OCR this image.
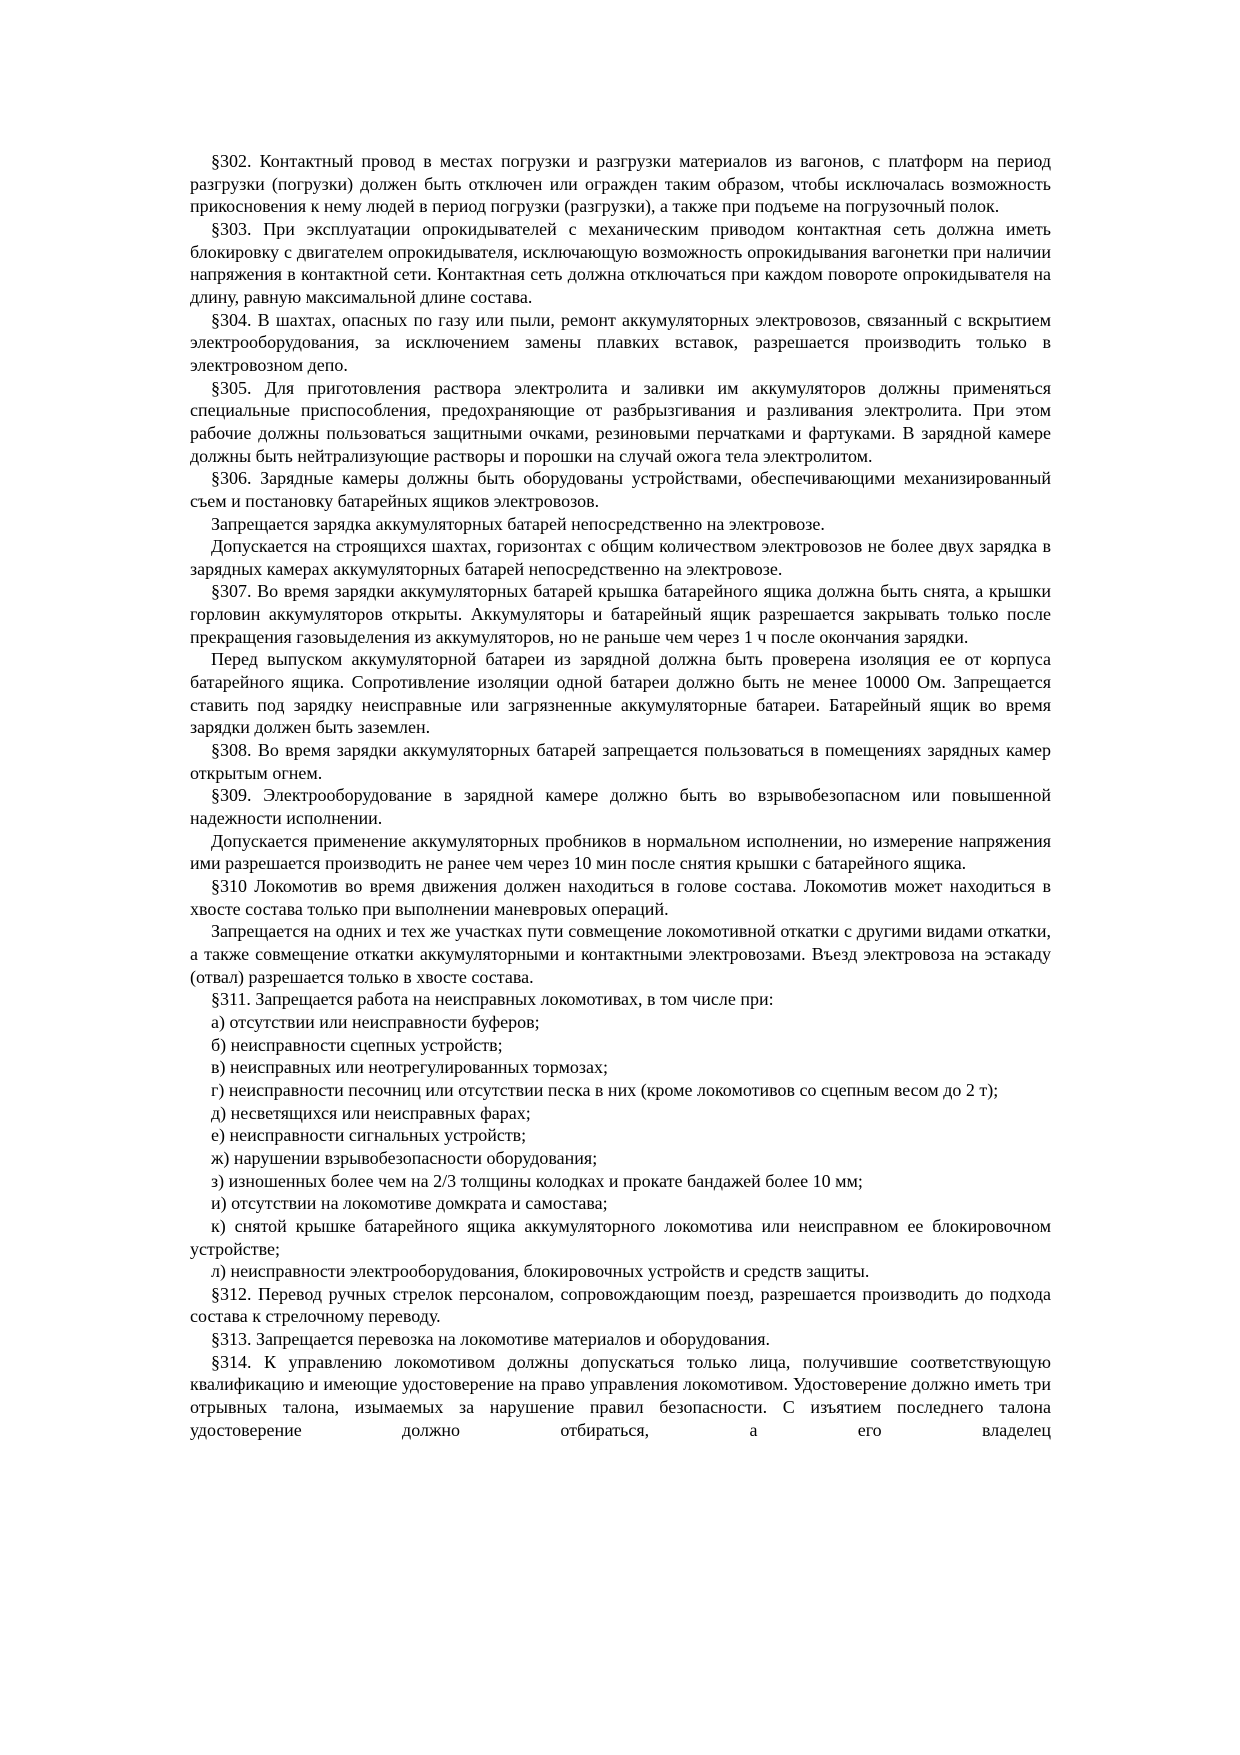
§302. Контактный провод в местах погрузки и разгрузки материалов из вагонов, с платформ на период разгрузки (погрузки) должен быть отключен или огражден таким образом, чтобы исключалась возможность прикосновения к нему людей в период погрузки (разгрузки), а также при подъеме на погрузочный полок.

§303. При эксплуатации опрокидывателей с механическим приводом контактная сеть должна иметь блокировку с двигателем опрокидывателя, исключающую возможность опрокидывания вагонетки при наличии напряжения в контактной сети. Контактная сеть должна отключаться при каждом повороте опрокидывателя на длину, равную максимальной длине состава.

§304. В шахтах, опасных по газу или пыли, ремонт аккумуляторных электровозов, связанный с вскрытием электрооборудования, за исключением замены плавких вставок, разрешается производить только в электровозном депо.

§305. Для приготовления раствора электролита и заливки им аккумуляторов должны применяться специальные приспособления, предохраняющие от разбрызгивания и разливания электролита. При этом рабочие должны пользоваться защитными очками, резиновыми перчатками и фартуками. В зарядной камере должны быть нейтрализующие растворы и порошки на случай ожога тела электролитом.

§306. Зарядные камеры должны быть оборудованы устройствами, обеспечивающими механизированный съем и постановку батарейных ящиков электровозов.

Запрещается зарядка аккумуляторных батарей непосредственно на электровозе.

Допускается на строящихся шахтах, горизонтах с общим количеством электровозов не более двух зарядка в зарядных камерах аккумуляторных батарей непосредственно на электровозе.

§307. Во время зарядки аккумуляторных батарей крышка батарейного ящика должна быть снята, а крышки горловин аккумуляторов открыты. Аккумуляторы и батарейный ящик разрешается закрывать только после прекращения газовыделения из аккумуляторов, но не раньше чем через 1 ч после окончания зарядки.

Перед выпуском аккумуляторной батареи из зарядной должна быть проверена изоляция ее от корпуса батарейного ящика. Сопротивление изоляции одной батареи должно быть не менее 10000 Ом. Запрещается ставить под зарядку неисправные или загрязненные аккумуляторные батареи. Батарейный ящик во время зарядки должен быть заземлен.

§308. Во время зарядки аккумуляторных батарей запрещается пользоваться в помещениях зарядных камер открытым огнем.

§309. Электрооборудование в зарядной камере должно быть во взрывобезопасном или повышенной надежности исполнении.

Допускается применение аккумуляторных пробников в нормальном исполнении, но измерение напряжения ими разрешается производить не ранее чем через 10 мин после снятия крышки с батарейного ящика.

§310 Локомотив во время движения должен находиться в голове состава. Локомотив может находиться в хвосте состава только при выполнении маневровых операций.

Запрещается на одних и тех же участках пути совмещение локомотивной откатки с другими видами откатки, а также совмещение откатки аккумуляторными и контактными электровозами. Въезд электровоза на эстакаду (отвал) разрешается только в хвосте состава.

§311. Запрещается работа на неисправных локомотивах, в том числе при:

а) отсутствии или неисправности буферов;

б) неисправности сцепных устройств;

в) неисправных или неотрегулированных тормозах;

г) неисправности песочниц или отсутствии песка в них (кроме локомотивов со сцепным весом до 2 т);

д) несветящихся или неисправных фарах;

е) неисправности сигнальных устройств;

ж) нарушении взрывобезопасности оборудования;

з) изношенных более чем на 2/3 толщины колодках и прокате бандажей более 10 мм;

и) отсутствии на локомотиве домкрата и самостава;

к) снятой крышке батарейного ящика аккумуляторного локомотива или неисправном ее блокировочном устройстве;

л) неисправности электрооборудования, блокировочных устройств и средств защиты.

§312. Перевод ручных стрелок персоналом, сопровождающим поезд, разрешается производить до подхода состава к стрелочному переводу.

§313. Запрещается перевозка на локомотиве материалов и оборудования.

§314. К управлению локомотивом должны допускаться только лица, получившие соответствующую квалификацию и имеющие удостоверение на право управления локомотивом. Удостоверение должно иметь три отрывных талона, изымаемых за нарушение правил безопасности. С изъятием последнего талона удостоверение должно отбираться, а его владелец
